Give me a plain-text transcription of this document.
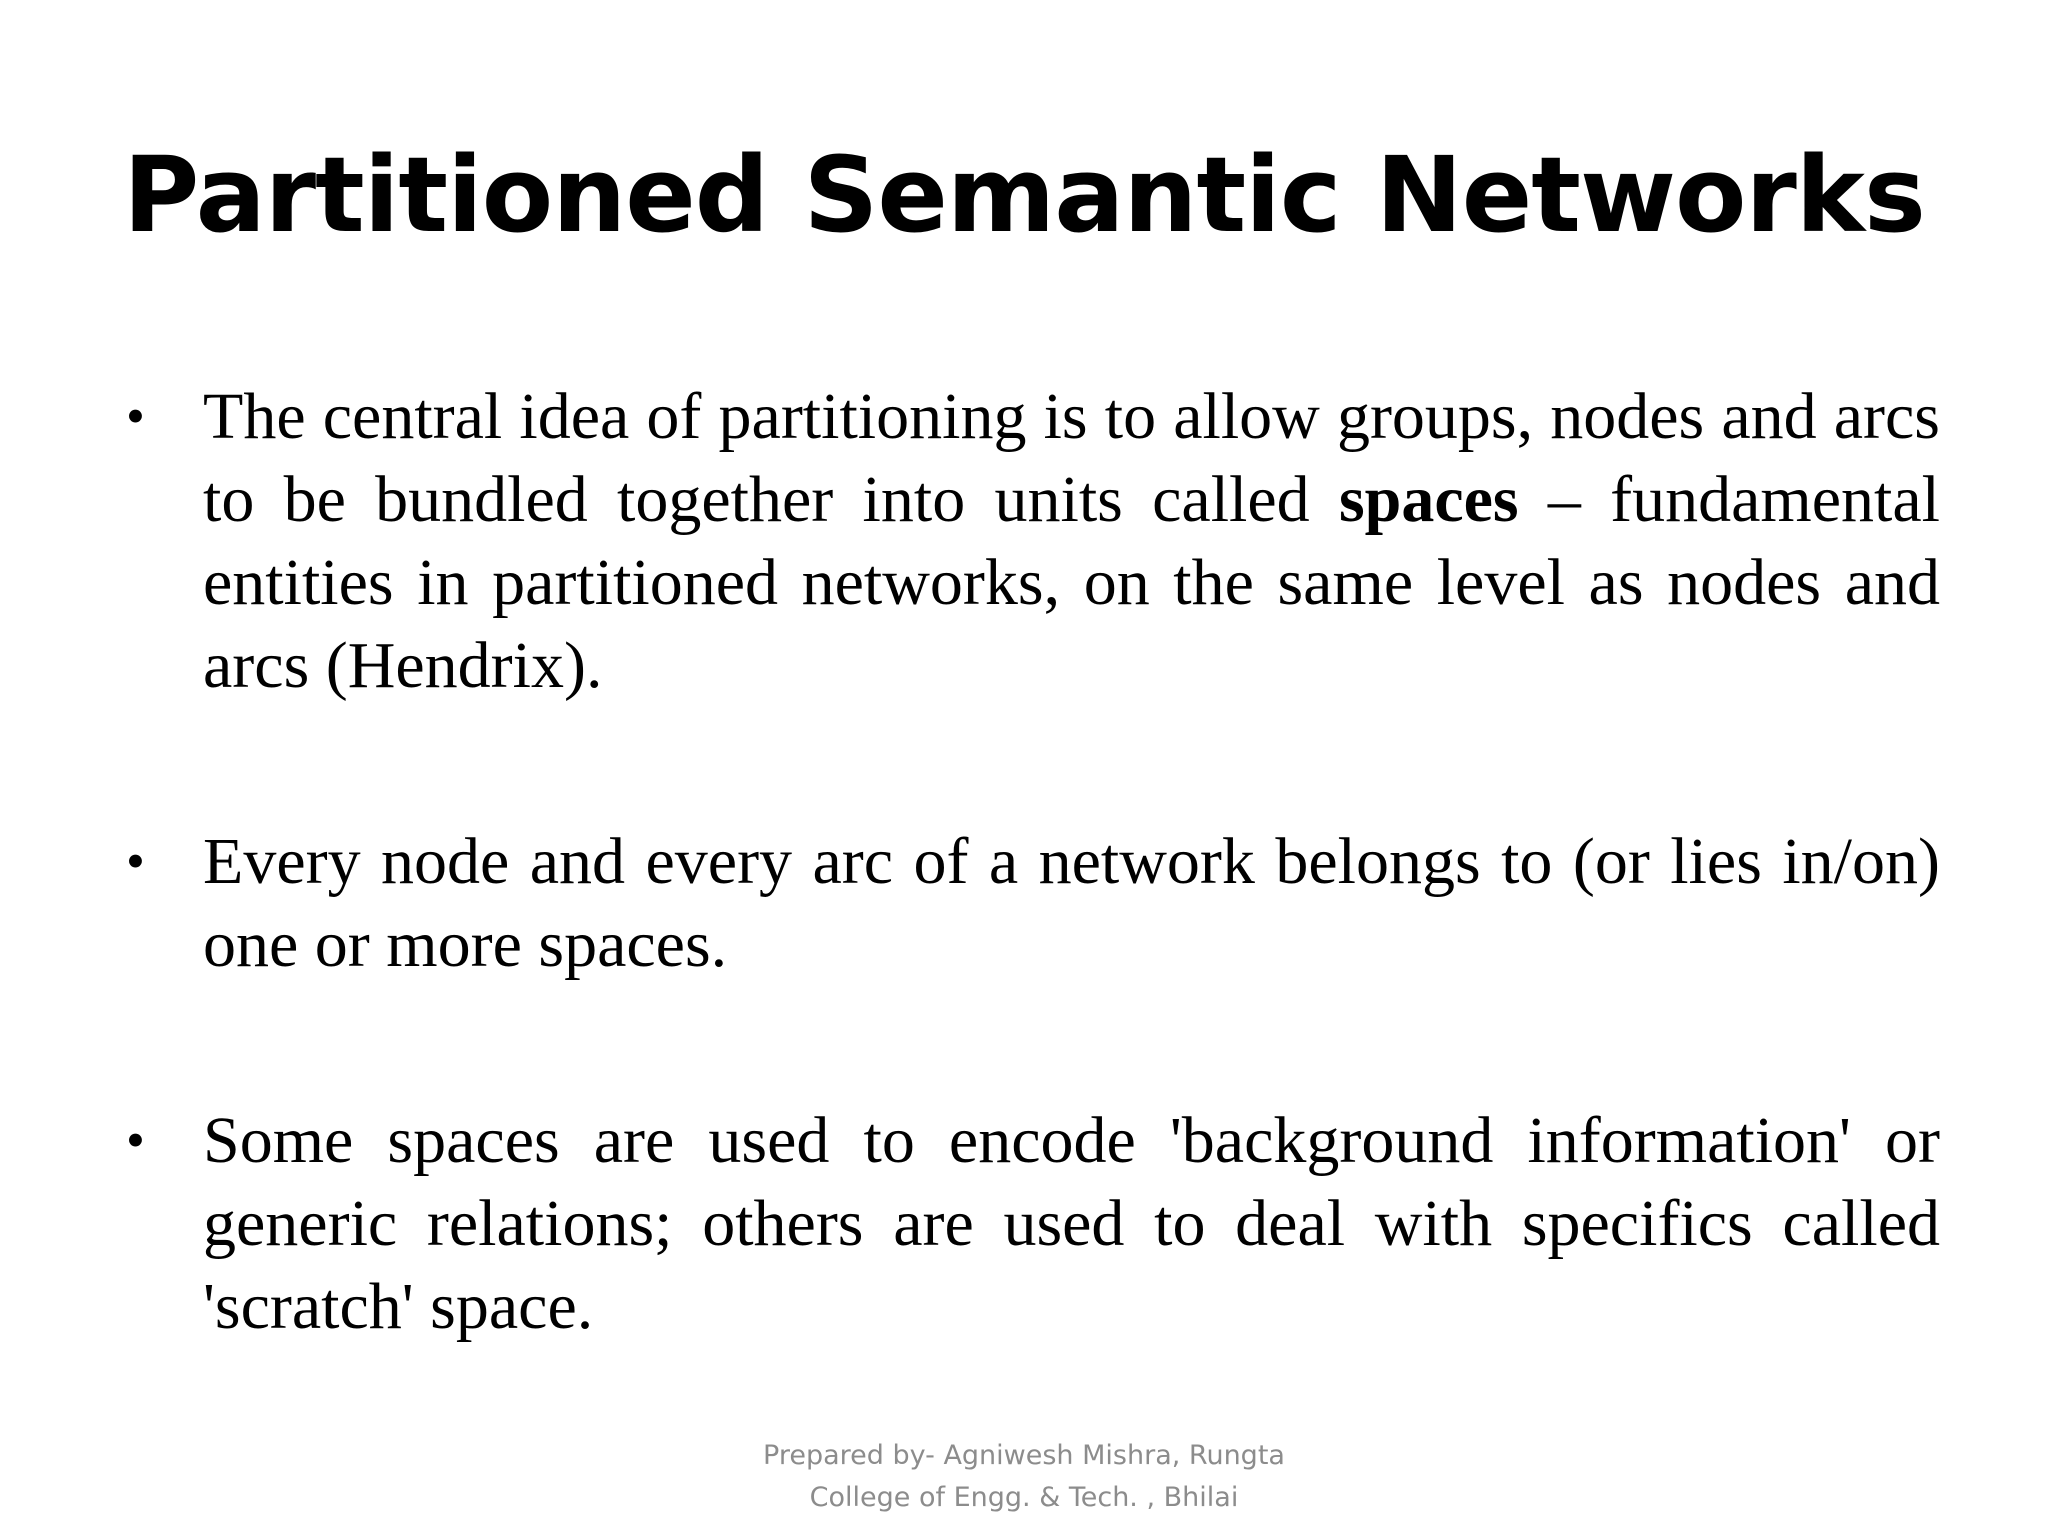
Partitioned Semantic Networks
• The central idea of partitioning is to allow groups, nodes and arcs to be bundled together into units called spaces – fundamental entities in partitioned networks, on the same level as nodes and arcs (Hendrix).
• Every node and every arc of a network belongs to (or lies in/on) one or more spaces.
• Some spaces are used to encode 'background information' or generic relations; others are used to deal with specifics called 'scratch' space.
Prepared by- Agniwesh Mishra, Rungta
College of Engg. & Tech. , Bhilai
